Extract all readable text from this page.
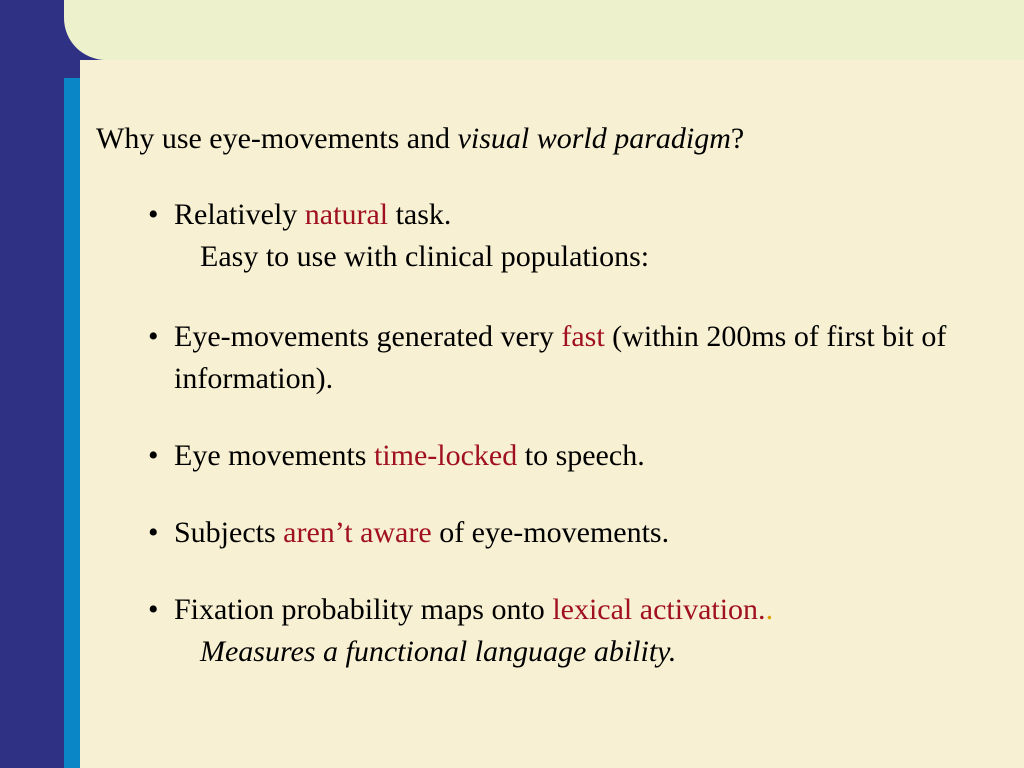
Why use eye-movements and visual world paradigm?

• Relatively natural task.
Easy to use with clinical populations:
• Eye-movements generated very fast (within 200ms of first bit of information).
• Eye movements time-locked to speech.
• Subjects aren’t aware of eye-movements.
• Fixation probability maps onto lexical activation..
Measures a functional language ability.
